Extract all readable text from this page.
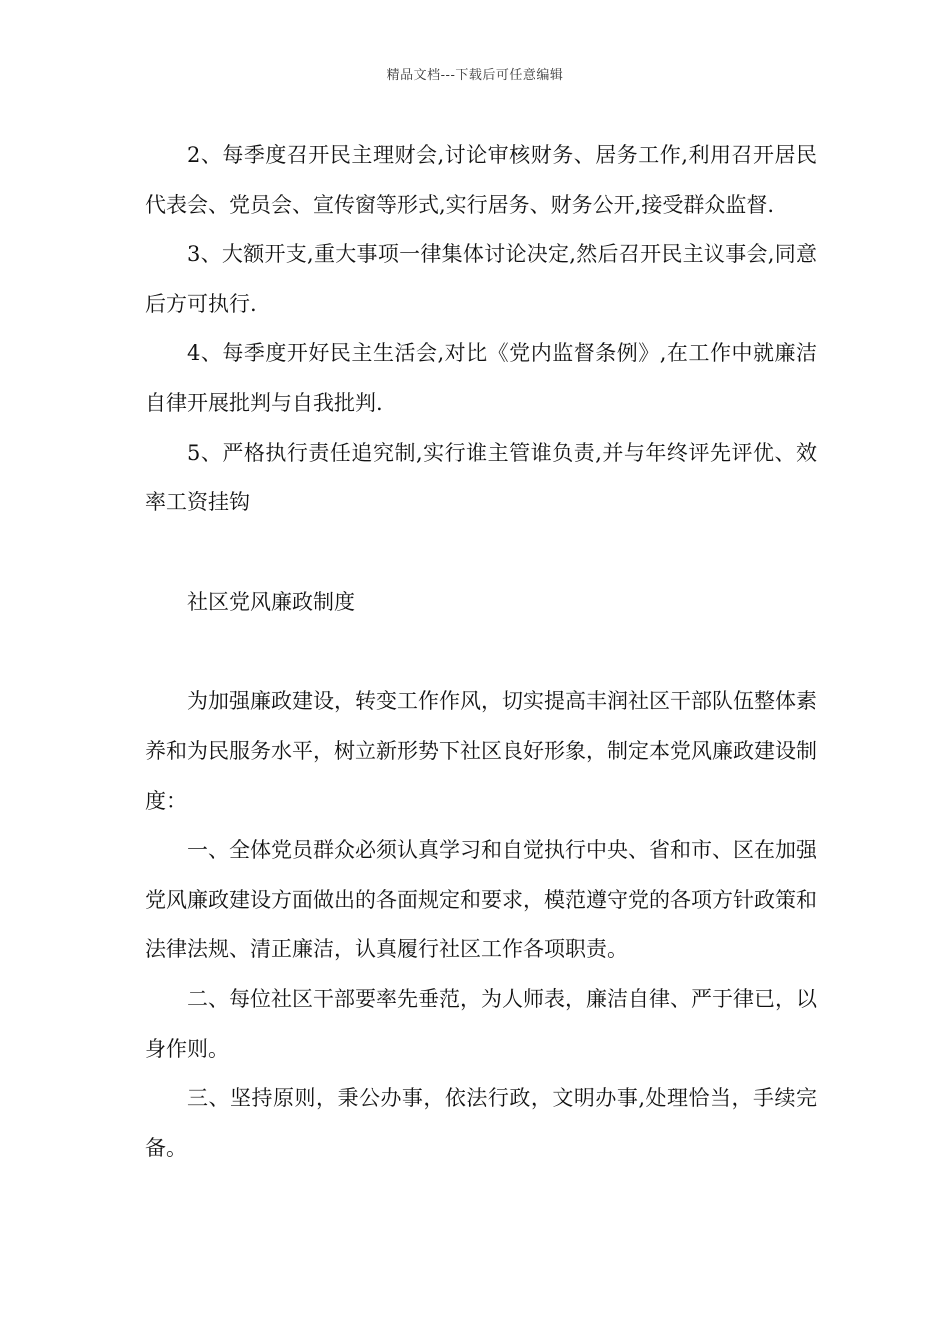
精品文档---下载后可任意编辑

2、每季度召开民主理财会,讨论审核财务、居务工作,利用召开居民代表会、党员会、宣传窗等形式,实行居务、财务公开,接受群众监督.

3、大额开支,重大事项一律集体讨论决定,然后召开民主议事会,同意后方可执行.

4、每季度开好民主生活会,对比《党内监督条例》,在工作中就廉洁自律开展批判与自我批判.

5、严格执行责任追究制,实行谁主管谁负责,并与年终评先评优、效率工资挂钩

社区党风廉政制度

为加强廉政建设，转变工作作风，切实提高丰润社区干部队伍整体素养和为民服务水平，树立新形势下社区良好形象，制定本党风廉政建设制度：

一、全体党员群众必须认真学习和自觉执行中央、省和市、区在加强党风廉政建设方面做出的各面规定和要求，模范遵守党的各项方针政策和法律法规、清正廉洁，认真履行社区工作各项职责。

二、每位社区干部要率先垂范，为人师表，廉洁自律、严于律已，以身作则。

三、坚持原则，秉公办事，依法行政，文明办事,处理恰当，手续完备。
